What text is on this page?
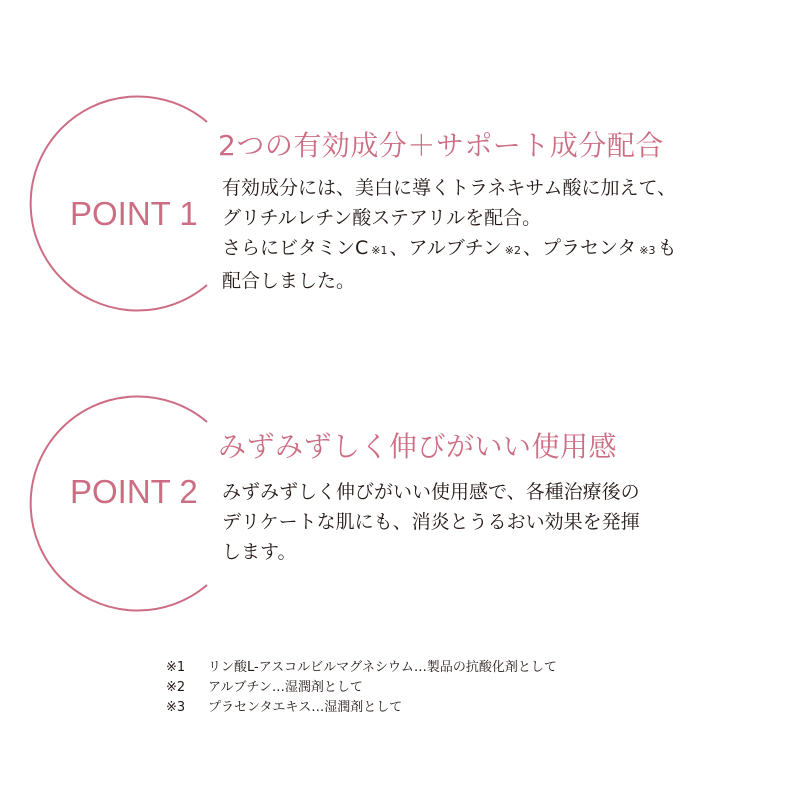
POINT 1
2つの有効成分＋サポート成分配合

有効成分には、美白に導くトラネキサム酸に加えて、
グリチルレチン酸ステアリルを配合。
さらにビタミンC ※1 、アルブチン ※2 、プラセンタ ※3 も
配合しました。

POINT 2
みずみずしく伸びがいい使用感

みずみずしく伸びがいい使用感で、各種治療後の
デリケートな肌にも、消炎とうるおい効果を発揮
します。

※1 リン酸L-アスコルビルマグネシウム…製品の抗酸化剤として
※2 アルブチン…湿潤剤として
※3 プラセンタエキス…湿潤剤として
